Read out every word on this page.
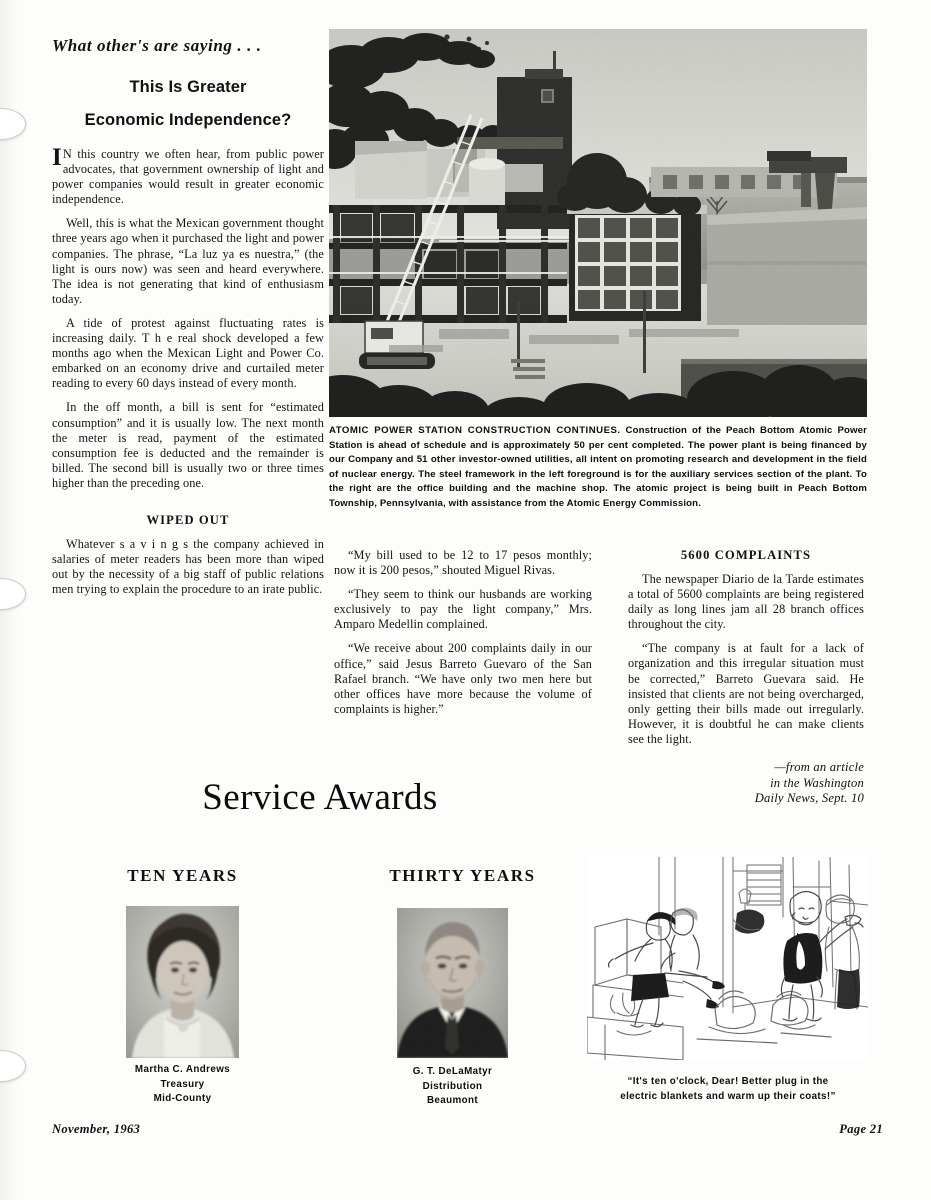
What other's are saying . . .
This Is Greater
Economic Independence?

I N this country we often hear, from public power advocates, that government ownership of light and power companies would result in greater economic independence.

Well, this is what the Mexican government thought three years ago when it purchased the light and power companies. The phrase, “La luz ya es nuestra,” (the light is ours now) was seen and heard everywhere. The idea is not generating that kind of enthusiasm today.

A tide of protest against fluctuating rates is increasing daily. T h e real shock developed a few months ago when the Mexican Light and Power Co. embarked on an economy drive and curtailed meter reading to every 60 days instead of every month.

In the off month, a bill is sent for “estimated consumption” and it is usually low. The next month the meter is read, payment of the estimated consumption fee is deducted and the remainder is billed. The second bill is usually two or three times higher than the preceding one.

WIPED OUT

Whatever s a v i n g s the company achieved in salaries of meter readers has been more than wiped out by the necessity of a big staff of public relations men trying to explain the procedure to an irate public.

ATOMIC POWER STATION CONSTRUCTION CONTINUES. Construction of the Peach Bottom Atomic Power Station is ahead of schedule and is approximately 50 per cent completed. The power plant is being financed by our Company and 51 other investor-owned utilities, all intent on promoting research and development in the field of nuclear energy. The steel framework in the left foreground is for the auxiliary services section of the plant. To the right are the office building and the machine shop. The atomic project is being built in Peach Bottom Township, Pennsylvania, with assistance from the Atomic Energy Commission.

“My bill used to be 12 to 17 pesos monthly; now it is 200 pesos,” shouted Miguel Rivas.

“They seem to think our husbands are working exclusively to pay the light company,” Mrs. Amparo Medellin complained.

“We receive about 200 complaints daily in our office,” said Jesus Barreto Guevaro of the San Rafael branch. “We have only two men here but other offices have more because the volume of complaints is higher.”

5600 COMPLAINTS

The newspaper Diario de la Tarde estimates a total of 5600 complaints are being registered daily as long lines jam all 28 branch offices throughout the city.

“The company is at fault for a lack of organization and this irregular situation must be corrected,” Barreto Guevara said. He insisted that clients are not being overcharged, only getting their bills made out irregularly. However, it is doubtful he can make clients see the light.

—from an article
in the Washington
Daily News, Sept. 10
Service Awards
TEN YEARS	THIRTY YEARS
Martha C. Andrews
Treasury
Mid-County
G. T. DeLaMatyr
Distribution
Beaumont
“It's ten o'clock, Dear! Better plug in the
electric blankets and warm up their coats!”
November, 1963	Page 21
